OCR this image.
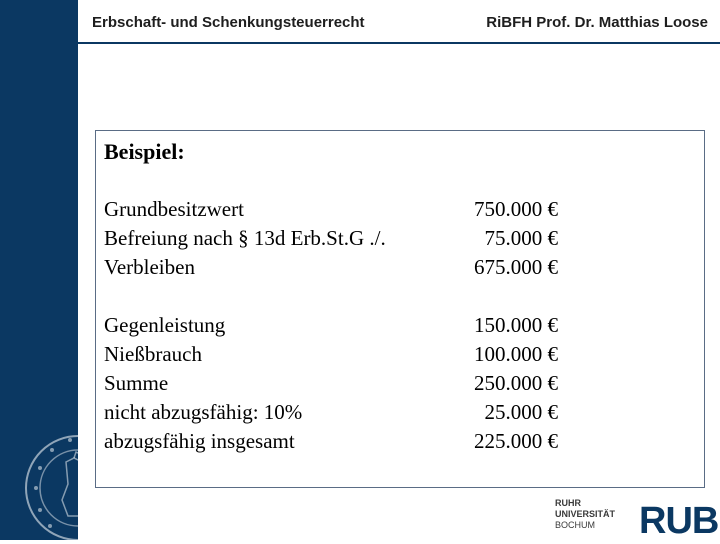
Erbschaft- und Schenkungsteuerrecht	RiBFH Prof. Dr. Matthias Loose
Beispiel:
Grundbesitzwert	750.000 €
Befreiung nach § 13d Erb.St.G ./.	75.000 €
Verbleiben	675.000 €
Gegenleistung	150.000 €
Nießbrauch	100.000 €
Summe	250.000 €
nicht abzugsfähig: 10%	25.000 €
abzugsfähig insgesamt	225.000 €
RUHR
UNIVERSITÄT
BOCHUM RUB
